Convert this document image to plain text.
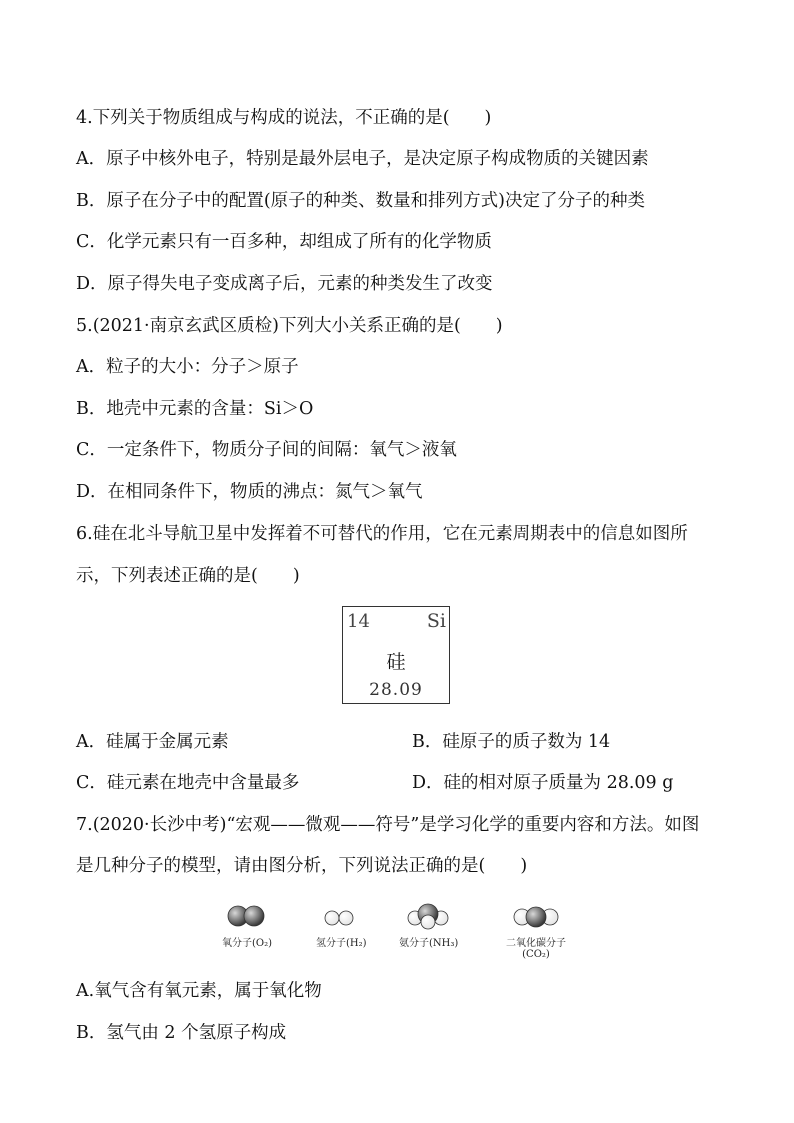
4.下列关于物质组成与构成的说法，不正确的是(　　)
A．原子中核外电子，特别是最外层电子，是决定原子构成物质的关键因素
B．原子在分子中的配置(原子的种类、数量和排列方式)决定了分子的种类
C．化学元素只有一百多种，却组成了所有的化学物质
D．原子得失电子变成离子后，元素的种类发生了改变
5.(2021·南京玄武区质检)下列大小关系正确的是(　　)
A．粒子的大小：分子＞原子
B．地壳中元素的含量：Si＞O
C．一定条件下，物质分子间的间隔：氧气＞液氧
D．在相同条件下，物质的沸点：氮气＞氧气
6.硅在北斗导航卫星中发挥着不可替代的作用，它在元素周期表中的信息如图所
示，下列表述正确的是(　　)
14	Si
硅
28.09
A．硅属于金属元素	B．硅原子的质子数为 14
C．硅元素在地壳中含量最多	D．硅的相对原子质量为 28.09 g
7.(2020·长沙中考)“宏观——微观——符号”是学习化学的重要内容和方法。如图
是几种分子的模型，请由图分析，下列说法正确的是(　　)
氧分子(O₂)	氢分子(H₂)	氨分子(NH₃)	二氧化碳分子
(CO₂)
A.氧气含有氧元素，属于氧化物
B．氢气由 2 个氢原子构成
